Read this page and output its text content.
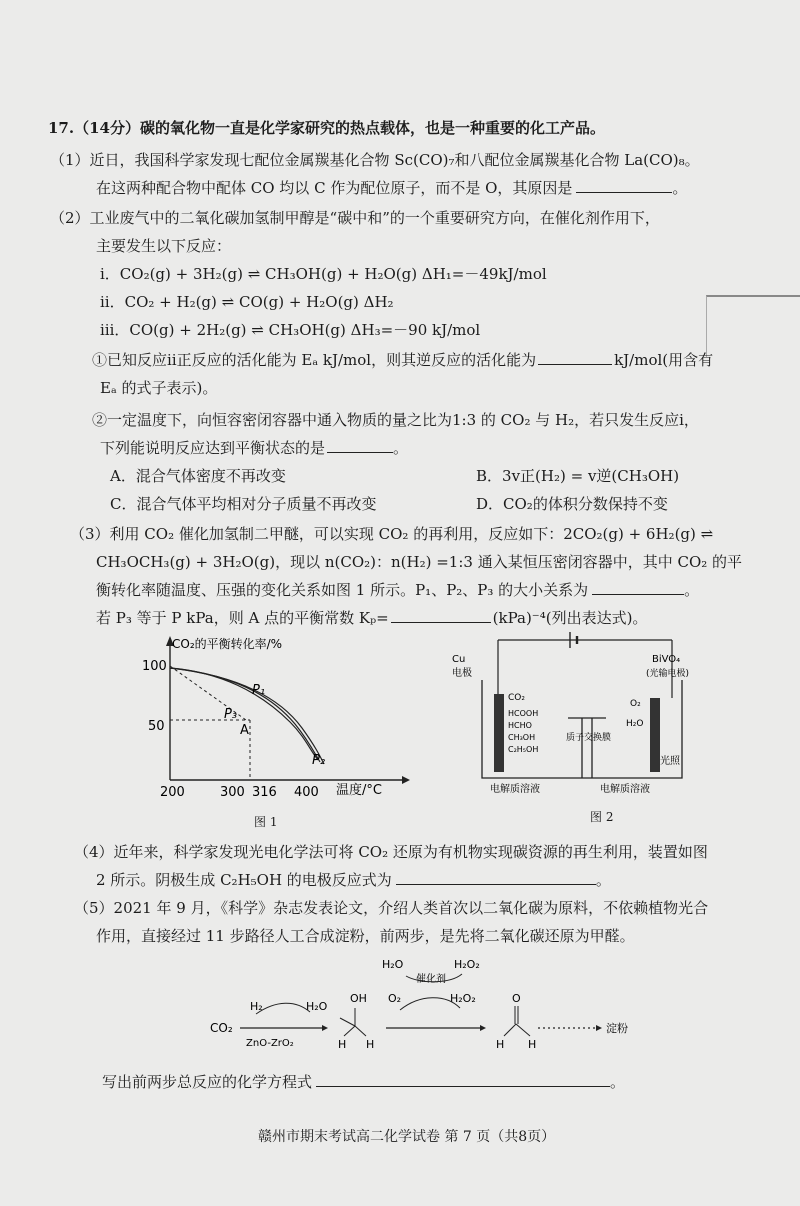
17.（14分）碳的氧化物一直是化学家研究的热点载体，也是一种重要的化工产品。
（1）近日，我国科学家发现七配位金属羰基化合物 Sc(CO)₇和八配位金属羰基化合物 La(CO)₈。
在这两种配合物中配体 CO 均以 C 作为配位原子，而不是 O，其原因是	。
（2）工业废气中的二氧化碳加氢制甲醇是“碳中和”的一个重要研究方向，在催化剂作用下，
主要发生以下反应：
ⅰ．CO₂(g) + 3H₂(g) ⇌ CH₃OH(g) + H₂O(g) ΔH₁=－49kJ/mol
ⅱ．CO₂ + H₂(g) ⇌ CO(g) + H₂O(g) ΔH₂
ⅲ．CO(g) + 2H₂(g) ⇌ CH₃OH(g) ΔH₃=－90 kJ/mol
①已知反应ⅱ正反应的活化能为 Eₐ kJ/mol，则其逆反应的活化能为	kJ/mol(用含有
Eₐ 的式子表示)。
②一定温度下，向恒容密闭容器中通入物质的量之比为1:3 的 CO₂ 与 H₂，若只发生反应ⅰ，
下列能说明反应达到平衡状态的是	。
A．混合气体密度不再改变	B．3v正(H₂) = v逆(CH₃OH)
C．混合气体平均相对分子质量不再改变	D．CO₂的体积分数保持不变
（3）利用 CO₂ 催化加氢制二甲醚，可以实现 CO₂ 的再利用，反应如下：2CO₂(g) + 6H₂(g) ⇌
CH₃OCH₃(g) + 3H₂O(g)，现以 n(CO₂)：n(H₂) =1:3 通入某恒压密闭容器中，其中 CO₂ 的平
衡转化率随温度、压强的变化关系如图 1 所示。P₁、P₂、P₃ 的大小关系为	。
若 P₃ 等于 P kPa，则 A 点的平衡常数 Kₚ=	(kPa)⁻⁴(列出表达式)。
CO₂的平衡转化率/%
100
50
200	300 316 400 温度/°C
P₁
P₃
A
P₂
图 1
Cu
电极
BiVO₄
(光输电极)
CO₂
HCOOH
HCHO
CH₃OH
C₂H₅OH
O₂
H₂O
光照
质子交换膜
电解质溶液	电解质溶液
图 2
（4）近年来，科学家发现光电化学法可将 CO₂ 还原为有机物实现碳资源的再生利用，装置如图
2 所示。阴极生成 C₂H₅OH 的电极反应式为	。
（5）2021 年 9 月，《科学》杂志发表论文，介绍人类首次以二氧化碳为原料，不依赖植物光合
作用，直接经过 11 步路径人工合成淀粉，前两步，是先将二氧化碳还原为甲醛。
H₂O
催化剂
H₂O₂
O₂	H₂O₂
H₂	H₂O
CO₂
ZnO-ZrO₂
OH
H H
O
H H
淀粉
写出前两步总反应的化学方程式	。
赣州市期末考试高二化学试卷 第 7 页（共8页）
